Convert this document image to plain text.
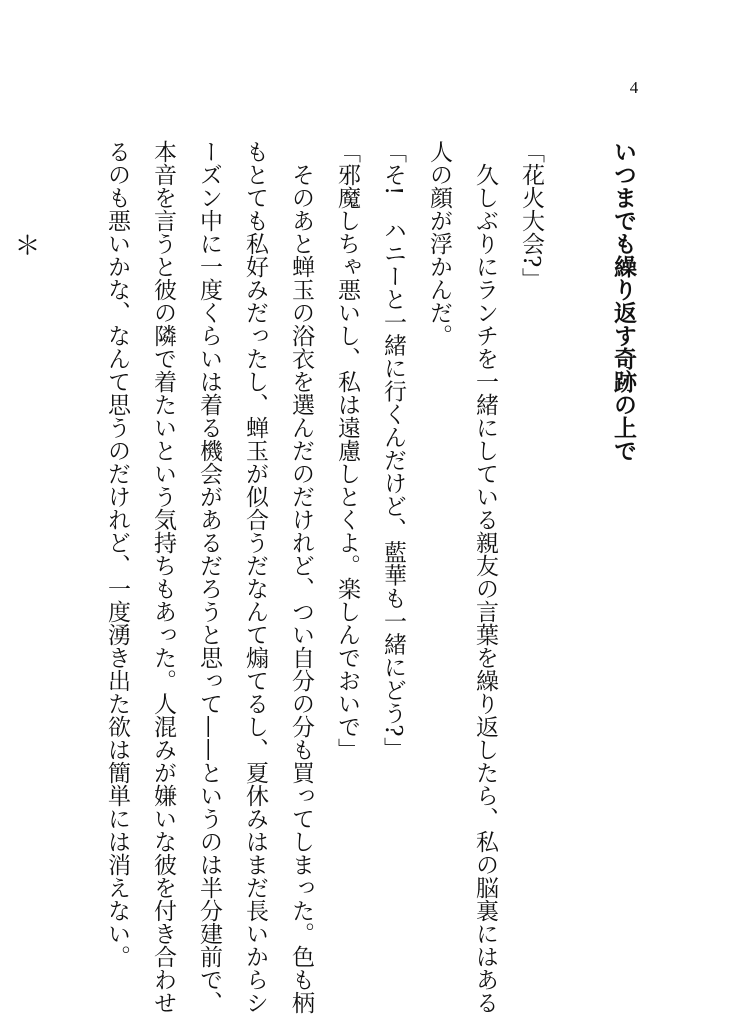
4
いつまでも繰り返す奇跡の上で
「花火大会?」
　久しぶりにランチを一緒にしている親友の言葉を繰り返したら、私の脳裏にはある
人の顔が浮かんだ。
「そ!　ハニーと一緒に行くんだけど、藍華も一緒にどう?」
「邪魔しちゃ悪いし、私は遠慮しとくよ。楽しんでおいで」
　そのあと蝉玉の浴衣を選んだのだけれど、つい自分の分も買ってしまった。色も柄
もとても私好みだったし、蝉玉が似合うだなんて煽てるし、夏休みはまだ長いからシ
ーズン中に一度くらいは着る機会があるだろうと思って——というのは半分建前で、
本音を言うと彼の隣で着たいという気持ちもあった。人混みが嫌いな彼を付き合わせ
るのも悪いかな、なんて思うのだけれど、一度湧き出た欲は簡単には消えない。
＊
